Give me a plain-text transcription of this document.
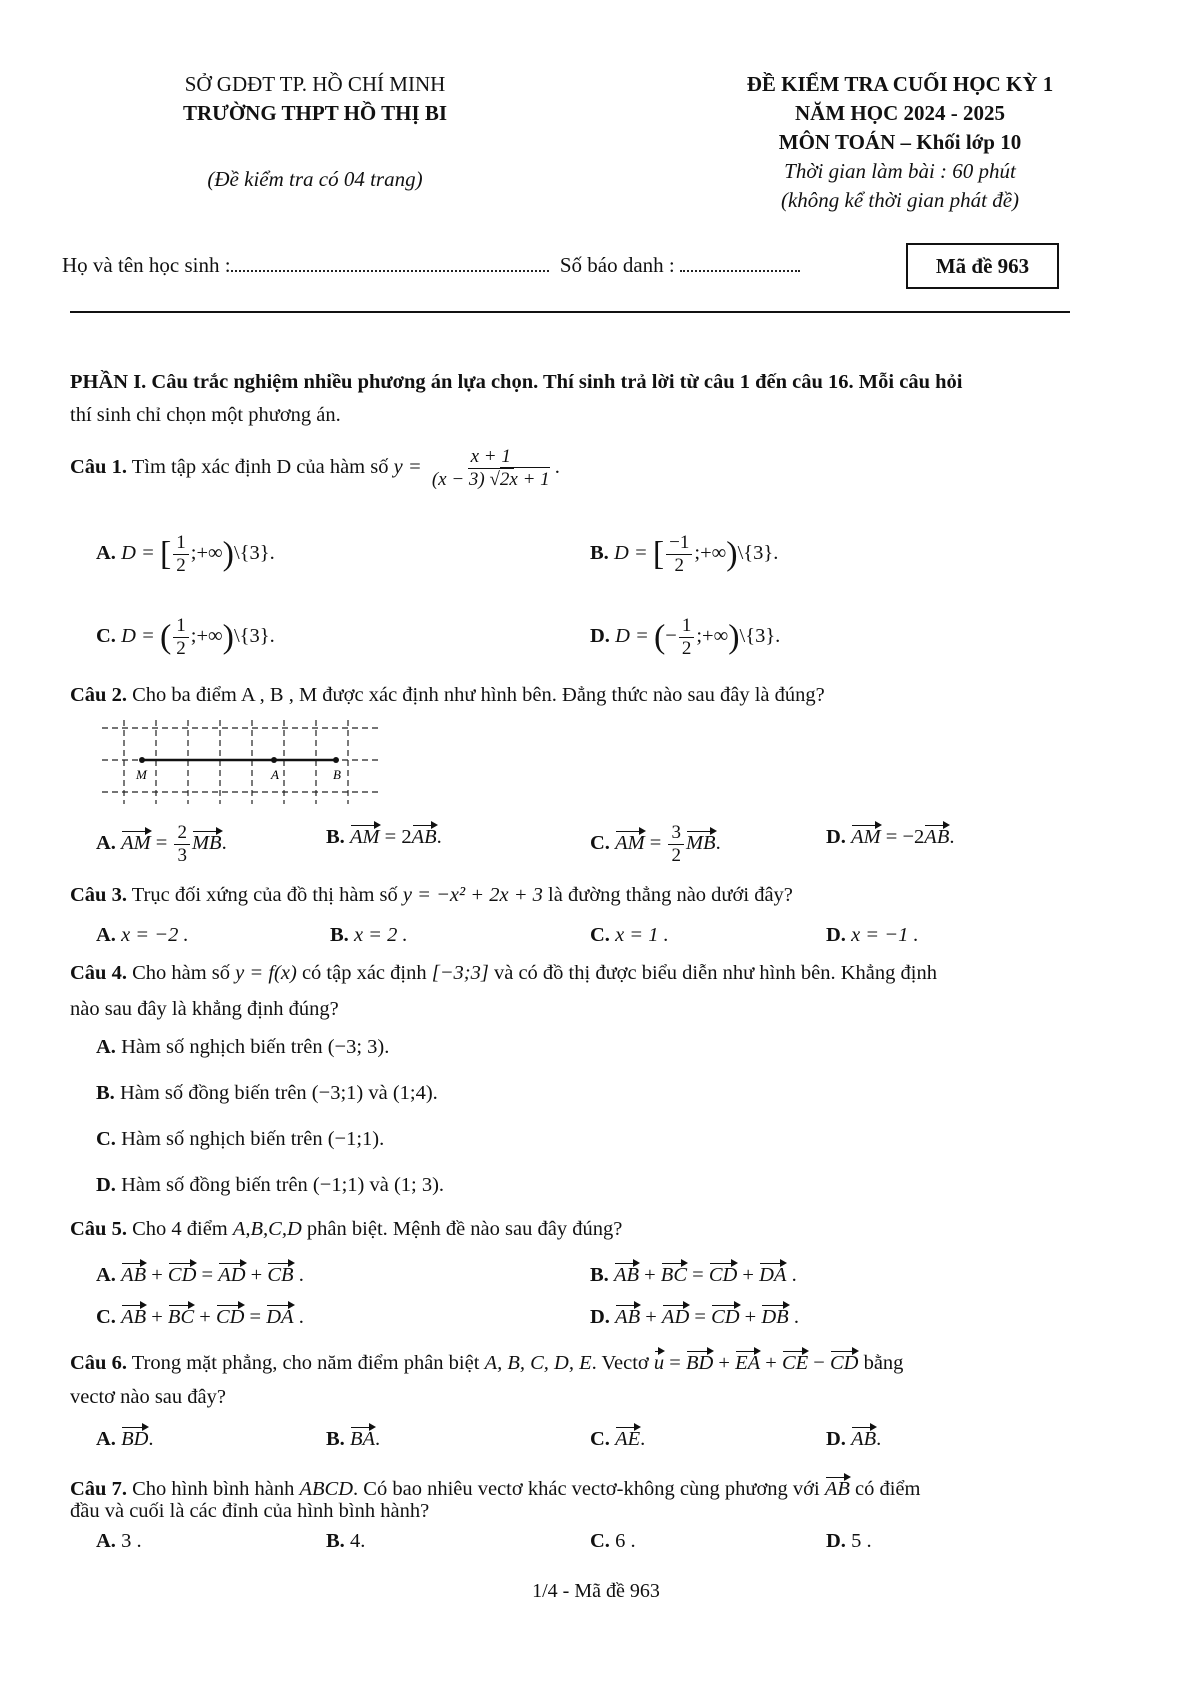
SỞ GDĐT TP. HỒ CHÍ MINH
TRƯỜNG THPT HỒ THỊ BI
(Đề kiểm tra có 04 trang)
ĐỀ KIỂM TRA CUỐI HỌC KỲ 1
NĂM HỌC 2024 - 2025
MÔN TOÁN – Khối lớp 10
Thời gian làm bài : 60 phút
(không kể thời gian phát đề)
Họ và tên học sinh :	Số báo danh :	Mã đề 963
PHẦN I. Câu trắc nghiệm nhiều phương án lựa chọn. Thí sinh trả lời từ câu 1 đến câu 16. Mỗi câu hỏi
thí sinh chỉ chọn một phương án.
Câu 1. Tìm tập xác định D của hàm số $y = \frac{x + 1}{(x - 3) √2x + 1}$ .
A. D = [ $\frac{1}{2}$ ;+∞)\{3}.	B. D = [ $\frac{-1}{2}$ ;+∞)\{3}.
C. D = ( $\frac{1}{2}$ ;+∞)\{3}.	D. D = (− $\frac{1}{2}$ ;+∞)\{3}.
Câu 2. Cho ba điểm A , B , M được xác định như hình bên. Đẳng thức nào sau đây là đúng?
M	A	B
A. AM = $\frac{2}{3}$ MB.	B. AM = 2AB.	C. AM = $\frac{3}{2}$ MB.	D. AM = −2AB.
Câu 3. Trục đối xứng của đồ thị hàm số y = −x² + 2x + 3 là đường thẳng nào dưới đây?
A. x = −2 .	B. x = 2 .	C. x = 1 .	D. x = −1 .
Câu 4. Cho hàm số y = f(x) có tập xác định [−3;3] và có đồ thị được biểu diễn như hình bên. Khẳng định
nào sau đây là khẳng định đúng?
A. Hàm số nghịch biến trên (−3; 3).
B. Hàm số đồng biến trên (−3;1) và (1;4).
C. Hàm số nghịch biến trên (−1;1).
D. Hàm số đồng biến trên (−1;1) và (1; 3).
Câu 5. Cho 4 điểm A,B,C,D phân biệt. Mệnh đề nào sau đây đúng?
A. AB + CD = AD + CB .	B. AB + BC = CD + DA .
C. AB + BC + CD = DA .	D. AB + AD = CD + DB .
Câu 6. Trong mặt phẳng, cho năm điểm phân biệt A, B, C, D, E. Vectơ u = BD + EA + CE − CD bằng
vectơ nào sau đây?
A. BD.	B. BA.	C. AE.	D. AB.
Câu 7. Cho hình bình hành ABCD. Có bao nhiêu vectơ khác vectơ-không cùng phương với AB có điểm
đầu và cuối là các đỉnh của hình bình hành?
A. 3 .	B. 4.	C. 6 .	D. 5 .
1/4 - Mã đề 963
